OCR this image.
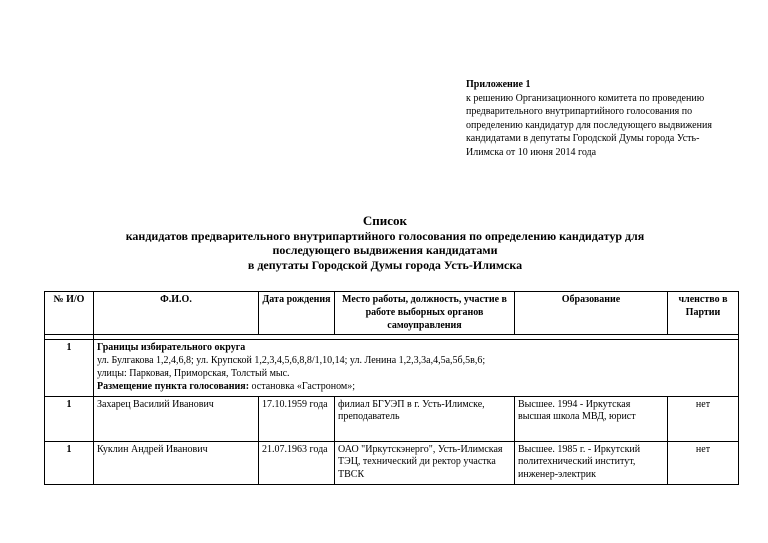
Приложение 1
к решению Организационного комитета по проведению предварительного внутрипартийного голосования по определению кандидатур для последующего выдвижения кандидатами в депутаты Городской Думы города Усть-Илимска от 10 июня 2014 года
Список
кандидатов предварительного внутрипартийного голосования по определению кандидатур для
последующего выдвижения кандидатами
в депутаты Городской Думы города Усть-Илимска
№ И/О	Ф.И.О.	Дата рождения	Место работы, должность, участие в работе выборных органов самоуправления	Образование	членство в Партии

1	Границы избирательного округа
ул. Булгакова 1,2,4,6,8; ул. Крупской 1,2,3,4,5,6,8,8/1,10,14; ул. Ленина 1,2,3,3а,4,5а,5б,5в,6;
улицы: Парковая, Приморская, Толстый мыс.
Размещение пункта голосования: остановка «Гастроном»;				

1	Захарец Василий Иванович	17.10.1959 года	филиал БГУЭП в г. Усть-Илимске, преподаватель	Высшее. 1994 - Иркутская высшая школа МВД, юрист	нет
1	Куклин Андрей Иванович	21.07.1963 года	ОАО "Иркутскэнерго", Усть-Илимская ТЭЦ, технический ди ректор участка ТВСК	Высшее. 1985 г. - Иркутский политехнический институт, инженер-электрик	нет
